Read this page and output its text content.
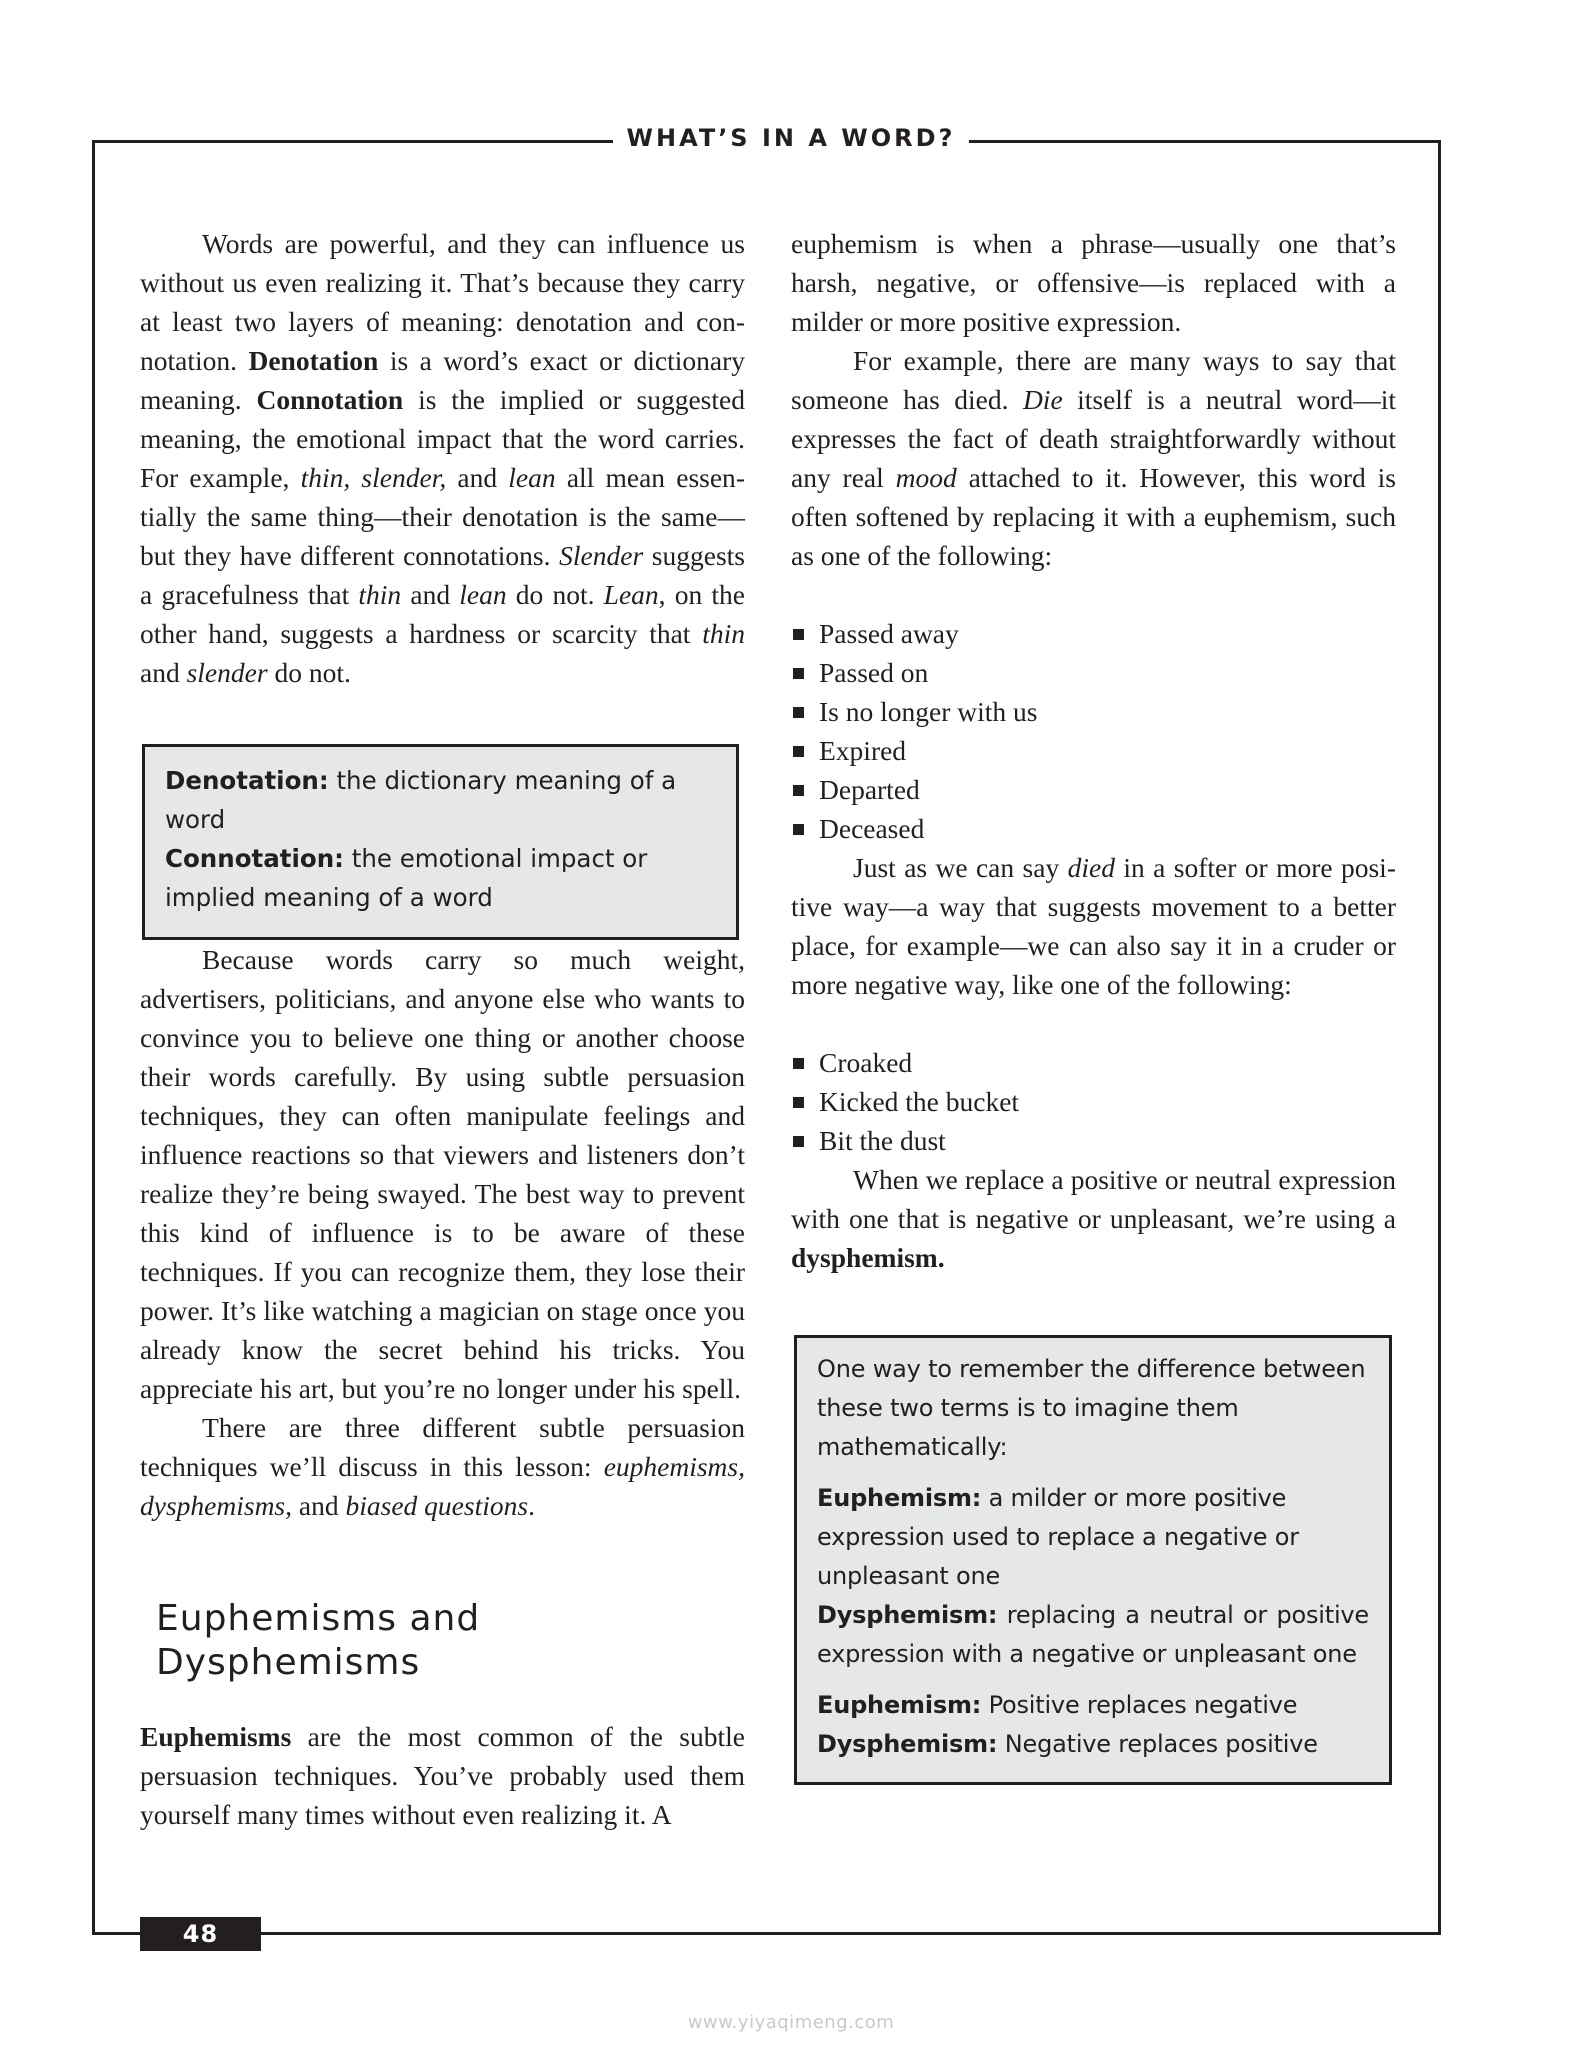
WHAT’S IN A WORD?

Words are powerful, and they can influence us without us even realizing it. That’s because they carry at least two layers of meaning: denotation and connotation. Denotation is a word’s exact or dictionary meaning. Connotation is the implied or suggested meaning, the emotional impact that the word carries. For example, thin, slender, and lean all mean essentially the same thing—their denotation is the same—but they have different connotations. Slender suggests a gracefulness that thin and lean do not. Lean, on the other hand, suggests a hardness or scarcity that thin and slender do not.

Denotation: the dictionary meaning of a word
Connotation: the emotional impact or implied meaning of a word

Because words carry so much weight, advertisers, politicians, and anyone else who wants to convince you to believe one thing or another choose their words carefully. By using subtle persuasion techniques, they can often manipulate feelings and influence reactions so that viewers and listeners don’t realize they’re being swayed. The best way to prevent this kind of influence is to be aware of these techniques. If you can recognize them, they lose their power. It’s like watching a magician on stage once you already know the secret behind his tricks. You appreciate his art, but you’re no longer under his spell.

There are three different subtle persuasion techniques we’ll discuss in this lesson: euphemisms, dysphemisms, and biased questions.

Euphemisms and Dysphemisms

Euphemisms are the most common of the subtle persuasion techniques. You’ve probably used them yourself many times without even realizing it. A

euphemism is when a phrase—usually one that’s harsh, negative, or offensive—is replaced with a milder or more positive expression.

For example, there are many ways to say that someone has died. Die itself is a neutral word—it expresses the fact of death straightforwardly without any real mood attached to it. However, this word is often softened by replacing it with a euphemism, such as one of the following:

Passed away
Passed on
Is no longer with us
Expired
Departed
Deceased

Just as we can say died in a softer or more positive way—a way that suggests movement to a better place, for example—we can also say it in a cruder or more negative way, like one of the following:

Croaked
Kicked the bucket
Bit the dust

When we replace a positive or neutral expression with one that is negative or unpleasant, we’re using a dysphemism.

One way to remember the difference between these two terms is to imagine them mathematically:
Euphemism: a milder or more positive expression used to replace a negative or unpleasant one
Dysphemism: replacing a neutral or positive expression with a negative or unpleasant one
Euphemism: Positive replaces negative
Dysphemism: Negative replaces positive
48
www.yiyaqimeng.com
